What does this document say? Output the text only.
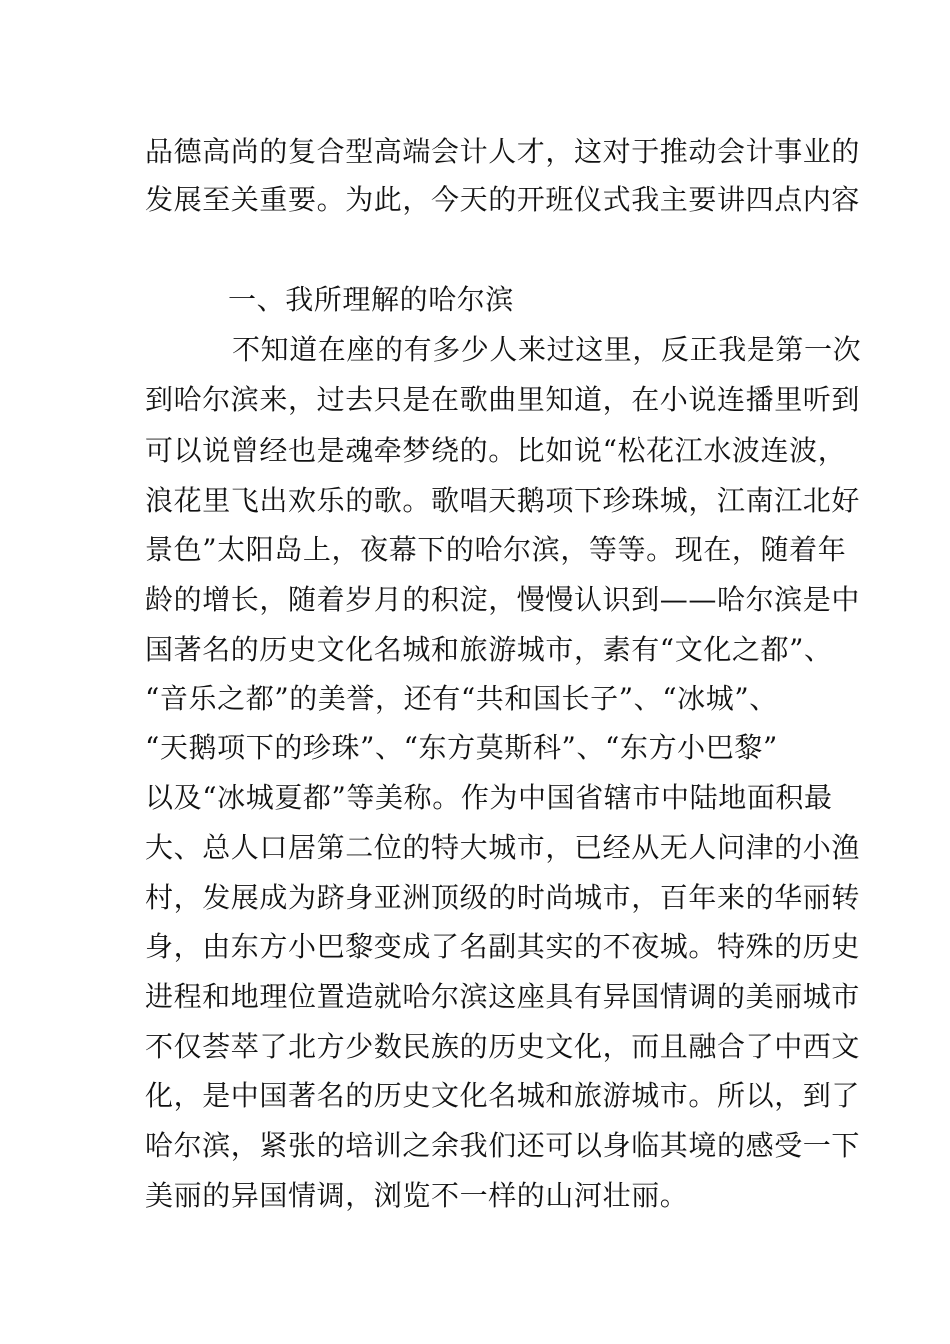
品德高尚的复合型高端会计人才，这对于推动会计事业的
发展至关重要。为此，今天的开班仪式我主要讲四点内容
一、我所理解的哈尔滨
不知道在座的有多少人来过这里，反正我是第一次
到哈尔滨来，过去只是在歌曲里知道，在小说连播里听到
可以说曾经也是魂牵梦绕的。比如说“松花江水波连波，
浪花里飞出欢乐的歌。歌唱天鹅项下珍珠城，江南江北好
景色”太阳岛上，夜幕下的哈尔滨，等等。现在，随着年
龄的增长，随着岁月的积淀，慢慢认识到——哈尔滨是中
国著名的历史文化名城和旅游城市，素有“文化之都”、
“音乐之都”的美誉，还有“共和国长子”、“冰城”、
“天鹅项下的珍珠”、“东方莫斯科”、“东方小巴黎”
以及“冰城夏都”等美称。作为中国省辖市中陆地面积最
大、总人口居第二位的特大城市，已经从无人问津的小渔
村，发展成为跻身亚洲顶级的时尚城市，百年来的华丽转
身，由东方小巴黎变成了名副其实的不夜城。特殊的历史
进程和地理位置造就哈尔滨这座具有异国情调的美丽城市
不仅荟萃了北方少数民族的历史文化，而且融合了中西文
化，是中国著名的历史文化名城和旅游城市。所以，到了
哈尔滨，紧张的培训之余我们还可以身临其境的感受一下
美丽的异国情调，浏览不一样的山河壮丽。
